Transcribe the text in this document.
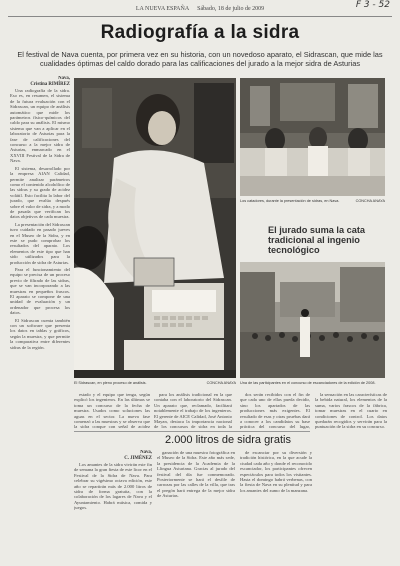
F 3 - 52
LA NUEVA ESPAÑA Sábado, 18 de julio de 2009
Radiografía a la sidra
El festival de Nava cuenta, por primera vez en su historia, con un novedoso aparato, el Sidrascan, que mide las cualidades óptimas del caldo dorado para las calificaciones del jurado a la mejor sidra de Asturias
Nava,
Cristina RIMÍREZ

Una radiografía de la sidra. Eso es, en resumen, el sistema de la futura evaluación con el Sidrascan, un equipo de análisis automático que mide los parámetros físico-químicos del caldo para su análisis. El mismo sistema que van a aplicar en el laboratorio de Asturias para la fase de calificaciones del concurso a la mejor sidra de Asturias, enmarcado en el XXVIII Festival de la Sidra de Nava.

El sistema, desarrollado por la empresa AIAN Calidad, permite analizar parámetros como el contenido alcohólico de las sidras y su grado de acidez volátil. Esto facilita la labor del jurado, que evalúa después sobre el valor de sidra, y a modo de pasada que verifican los datos objetivos de cada muestra.

La presentación del Sidrascan tuvo cuidado en pasado jueves en el Museo de la Sidra, y en este se pudo comprobar los resultados del aparato. Los elementos de este tipo que han sido utilizados para la producción de sidra de Asturias.

Para el funcionamiento del equipo se precisa de un proceso previo de filtrado de las sidras, que se van incorporando a las muestras en pequeños frascos. El aparato se compone de una unidad de evaluación y un ordenador que procesa los datos.

El Sidrascan cuenta también con un software que presenta los datos en tablas y gráficos, según la muestra, y que permite la comparativa entre diferentes sidras de la región.

El Sidrascan, en pleno proceso de análisis.	CONCHA ANAYA
Los catadores, durante la presentación de sidras, en Nava.	CONCHA ANAYA
El jurado suma la cata tradicional al ingenio tecnológico
Una de las participantes en el concurso de escanciadores de la edición de 2008.

estado y el equipo que tenga, según explicó los ingenieros. En las últimas se toma un concurso de la fecha de muestra. Usados como soluciones las aguas en el sector. La nueva fase comenzó a las muestras y se observa que la sidra conque con señal de acidez

para los análisis tradicional en la que contaba con el laboratorio del Sidrascan. Un aparato que, reclamado, facilitará notablemente el trabajo de los ingenieros. El gerente de AICE Calidad, José Antonio Mayan, destaca la importancia nacional de los concursos de sidra en toda la

dos serán recibidos con el fin de que cada uno de ellas pueda decidir, sino los apartados de las producciones más exigentes. El resultado de esas y otras pruebas dará a conocer a los candidatos su base práctica del concurso del lugar,

la sensación en las características de la bebida natural, los elementos de la suma, varios frascos de la fábrica, tomar muestras en el cuarto en condiciones de control. Los datos quedarán recogidos y servirán para la puntuación de la sidra en su concurso.

2.000 litros de sidra gratis
Nava,
C. JIMÉNEZ

Los amantes de la sidra vivirán este fin de semana la gran fiesta de este licor en el Festival de la Sidra de Nava. Para celebrar su vigésimo octava edición, este año se repartirán más de 2.000 litros de sidra de forma gratuita, con la colaboración de los lagares de Nava y el Ayuntamiento. Habrá música, comida y juegos.

ganación de una muestra fotográfica en el Museo de la Sidra. Este año más sede, la presidencia de la Academia de la Llingua Asturiana. Gracias al jurado del festival del día fue conmemorado. Posteriormente se hará el desfile de carrozas por las calles de la villa, que tras el pregón hará entrega de la mejor sidra de Asturias.

de escanciar por su diversión y tradición histórica, en la que acude la ciudad cada año y donde el reconocido escanciador, los participantes ofrecen espectáculos para todos los visitantes. Hasta el domingo habrá verbenas, con la fiesta de Nava en su plenitud y para los amantes del zumo de la manzana.
